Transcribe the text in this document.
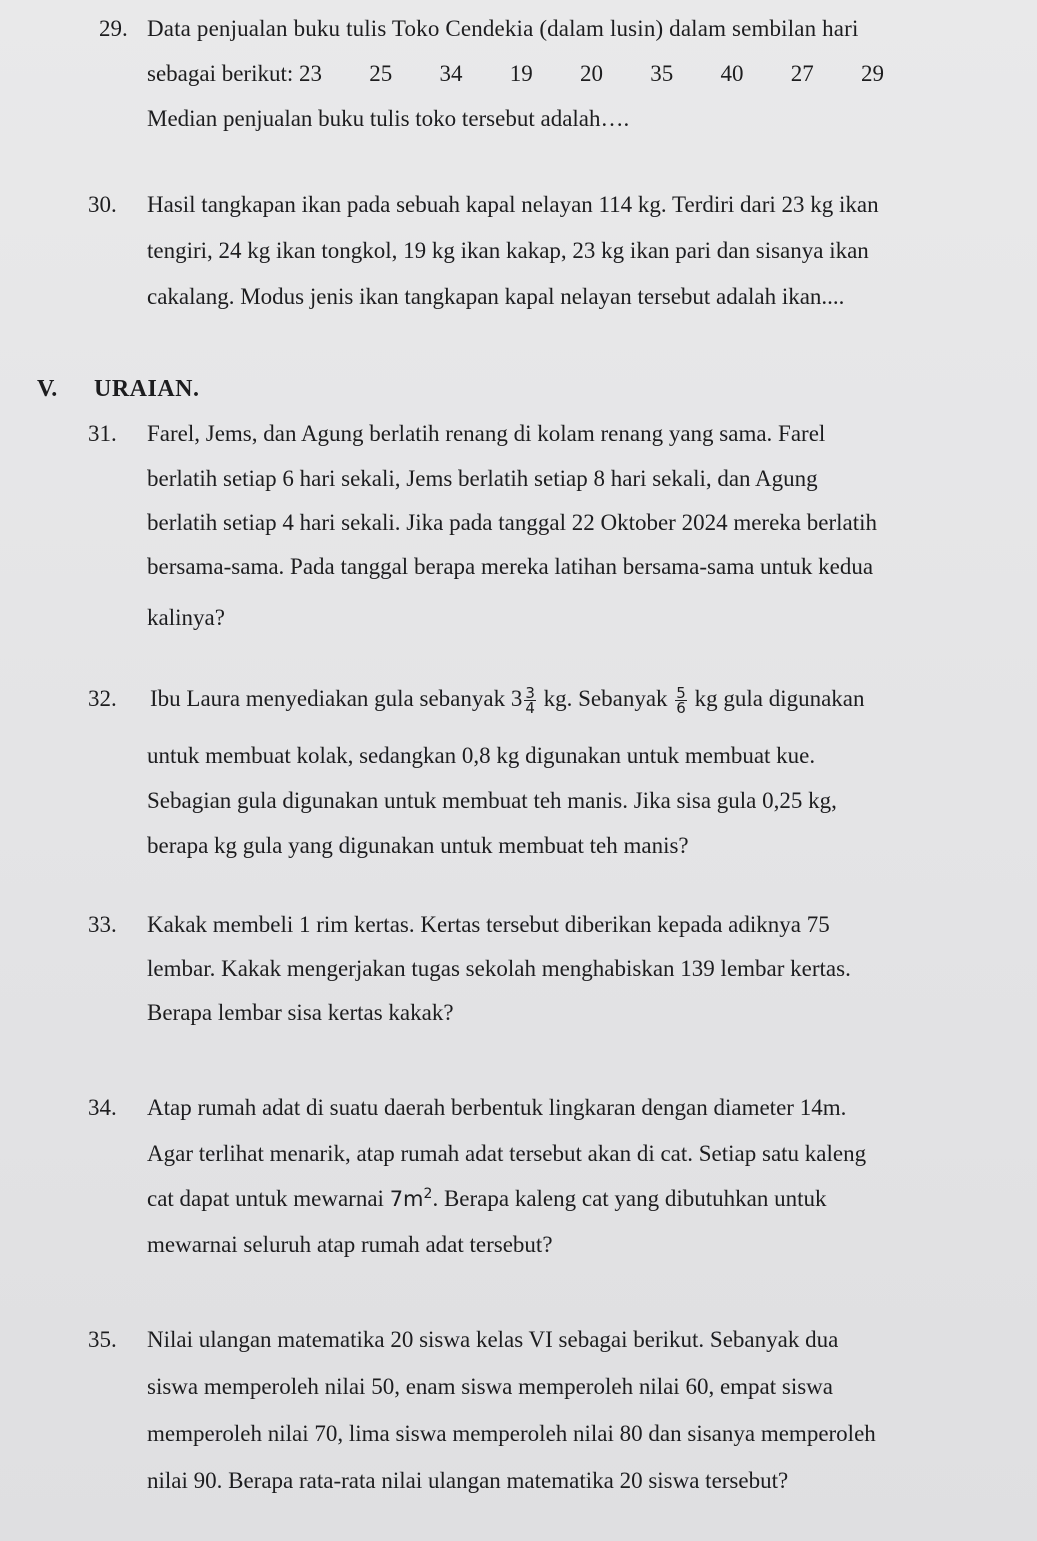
29. Data penjualan buku tulis Toko Cendekia (dalam lusin) dalam sembilan hari
sebagai berikut: 23   25   34   19   20   35   40   27   29
Median penjualan buku tulis toko tersebut adalah….
30. Hasil tangkapan ikan pada sebuah kapal nelayan 114 kg. Terdiri dari 23 kg ikan
tengiri, 24 kg ikan tongkol, 19 kg ikan kakap, 23 kg ikan pari dan sisanya ikan
cakalang. Modus jenis ikan tangkapan kapal nelayan tersebut adalah ikan....
V. URAIAN.
31. Farel, Jems, dan Agung berlatih renang di kolam renang yang sama. Farel
berlatih setiap 6 hari sekali, Jems berlatih setiap 8 hari sekali, dan Agung
berlatih setiap 4 hari sekali. Jika pada tanggal 22 Oktober 2024 mereka berlatih
bersama-sama. Pada tanggal berapa mereka latihan bersama-sama untuk kedua
kalinya?
32. Ibu Laura menyediakan gula sebanyak $3 \frac{3}{4}$ kg. Sebanyak $\frac{5}{6}$ kg gula digunakan
untuk membuat kolak, sedangkan 0,8 kg digunakan untuk membuat kue.
Sebagian gula digunakan untuk membuat teh manis. Jika sisa gula 0,25 kg,
berapa kg gula yang digunakan untuk membuat teh manis?
33. Kakak membeli 1 rim kertas. Kertas tersebut diberikan kepada adiknya 75
lembar. Kakak mengerjakan tugas sekolah menghabiskan 139 lembar kertas.
Berapa lembar sisa kertas kakak?
34. Atap rumah adat di suatu daerah berbentuk lingkaran dengan diameter 14m.
Agar terlihat menarik, atap rumah adat tersebut akan di cat. Setiap satu kaleng
cat dapat untuk mewarnai $7m^2$. Berapa kaleng cat yang dibutuhkan untuk
mewarnai seluruh atap rumah adat tersebut?
35. Nilai ulangan matematika 20 siswa kelas VI sebagai berikut. Sebanyak dua
siswa memperoleh nilai 50, enam siswa memperoleh nilai 60, empat siswa
memperoleh nilai 70, lima siswa memperoleh nilai 80 dan sisanya memperoleh
nilai 90. Berapa rata-rata nilai ulangan matematika 20 siswa tersebut?
